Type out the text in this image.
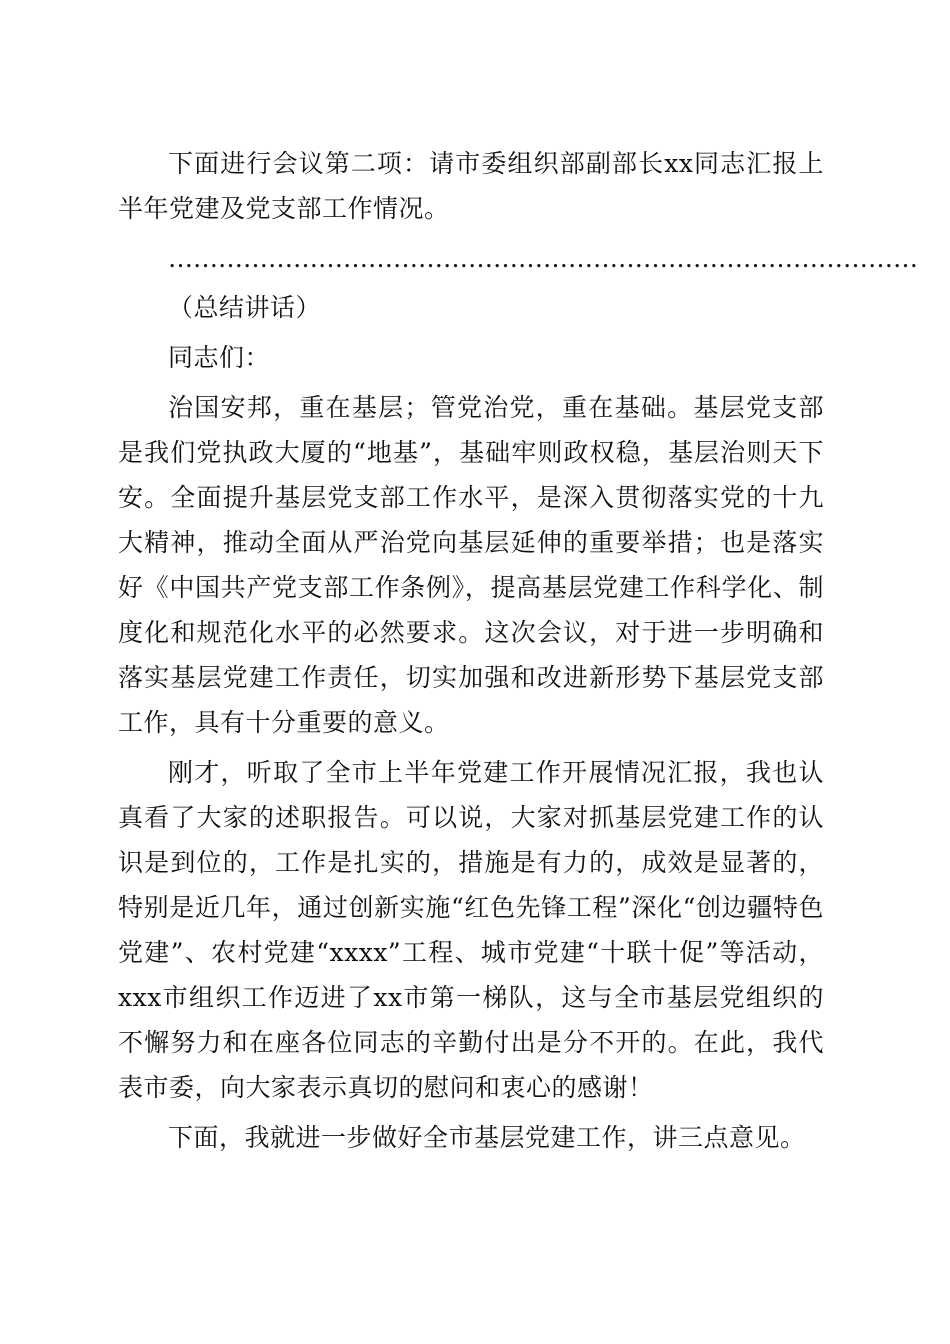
下面进行会议第二项：请市委组织部副部长xx同志汇报上半年党建及党支部工作情况。

………………………………………………………………………………

（总结讲话）

同志们：

治国安邦，重在基层；管党治党，重在基础。基层党支部是我们党执政大厦的“地基”，基础牢则政权稳，基层治则天下安。全面提升基层党支部工作水平，是深入贯彻落实党的十九大精神，推动全面从严治党向基层延伸的重要举措；也是落实好《中国共产党支部工作条例》，提高基层党建工作科学化、制度化和规范化水平的必然要求。这次会议，对于进一步明确和落实基层党建工作责任，切实加强和改进新形势下基层党支部工作，具有十分重要的意义。

刚才，听取了全市上半年党建工作开展情况汇报，我也认真看了大家的述职报告。可以说，大家对抓基层党建工作的认识是到位的，工作是扎实的，措施是有力的，成效是显著的，特别是近几年，通过创新实施“红色先锋工程”深化“创边疆特色党建”、农村党建“xxxx”工程、城市党建“十联十促”等活动，xxx市组织工作迈进了xx市第一梯队，这与全市基层党组织的不懈努力和在座各位同志的辛勤付出是分不开的。在此，我代表市委，向大家表示真切的慰问和衷心的感谢！

下面，我就进一步做好全市基层党建工作，讲三点意见。
